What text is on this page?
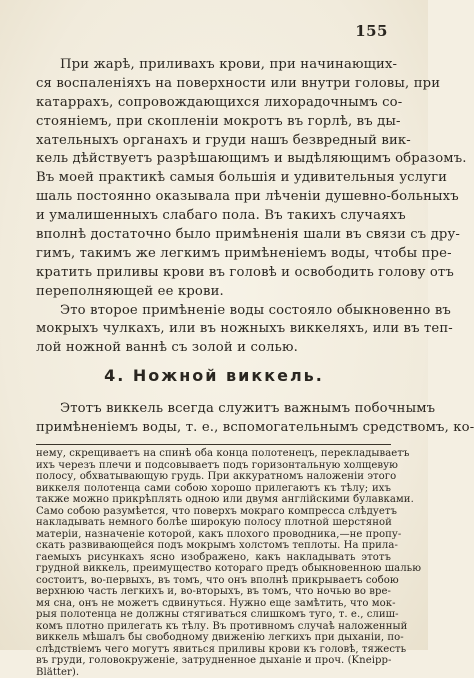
155
При жарѣ, приливахъ крови, при начинающих-
ся воспаленіяхъ на поверхности или внутри головы, при
катаррахъ, сопровождающихся лихорадочнымъ со-
стояніемъ, при скопленіи мокротъ въ горлѣ, въ ды-
хательныхъ органахъ и груди нашъ безвредный вик-
кель дѣйствуетъ разрѣшающимъ и выдѣляющимъ образомъ.
Въ моей практикѣ самыя большія и удивительныя услуги
шаль постоянно оказывала при лѣченіи душевно-больныхъ
и умалишенныхъ слабаго пола. Въ такихъ случаяхъ
вполнѣ достаточно было примѣненія шали въ связи съ дру-
гимъ, такимъ же легкимъ примѣненіемъ воды, чтобы пре-
кратить приливы крови въ головѣ и освободить голову отъ
переполняющей ее крови.
Это второе примѣненіе воды состояло обыкновенно въ
мокрыхъ чулкахъ, или въ ножныхъ виккеляхъ, или въ теп-
лой ножной ваннѣ съ золой и солью.
4. Ножной виккель.
Этотъ виккель всегда служитъ важнымъ побочнымъ
примѣненіемъ воды, т. е., вспомогательнымъ средствомъ, ко-
нему, скрещиваетъ на спинѣ оба конца полотенецъ, перекладываетъ
ихъ черезъ плечи и подсовываетъ подъ горизонтальную холщевую
полосу, обхватывающую грудь. При аккуратномъ наложеніи этого
виккеля полотенца сами собою хорошо прилегаютъ къ тѣлу; ихъ
также можно прикрѣплять одною или двумя англійскими булавками.
Само собою разумѣется, что поверхъ мокраго компресса слѣдуетъ
накладывать немного болѣе широкую полосу плотной шерстяной
матеріи, назначеніе которой, какъ плохого проводника,—не пропу-
скать развивающейся подъ мокрымъ холстомъ теплоты. На прила-
гаемыхъ рисункахъ ясно изображено, какъ накладывать этотъ
грудной виккель, преимущество котораго предъ обыкновенною шалью
состоитъ, во-первыхъ, въ томъ, что онъ вполнѣ прикрываетъ собою
верхнюю часть легкихъ и, во-вторыхъ, въ томъ, что ночью во вре-
мя сна, онъ не можетъ сдвинуться. Нужно еще замѣтить, что мок-
рыя полотенца не должны стягиваться слишкомъ туго, т. е., слиш-
комъ плотно прилегать къ тѣлу. Въ противномъ случаѣ наложенный
виккель мѣшалъ бы свободному движенію легкихъ при дыханіи, по-
слѣдствіемъ чего могутъ явиться приливы крови къ головѣ, тяжесть
въ груди, головокруженіе, затрудненное дыханіе и проч. (Kneipp-
Blätter).
